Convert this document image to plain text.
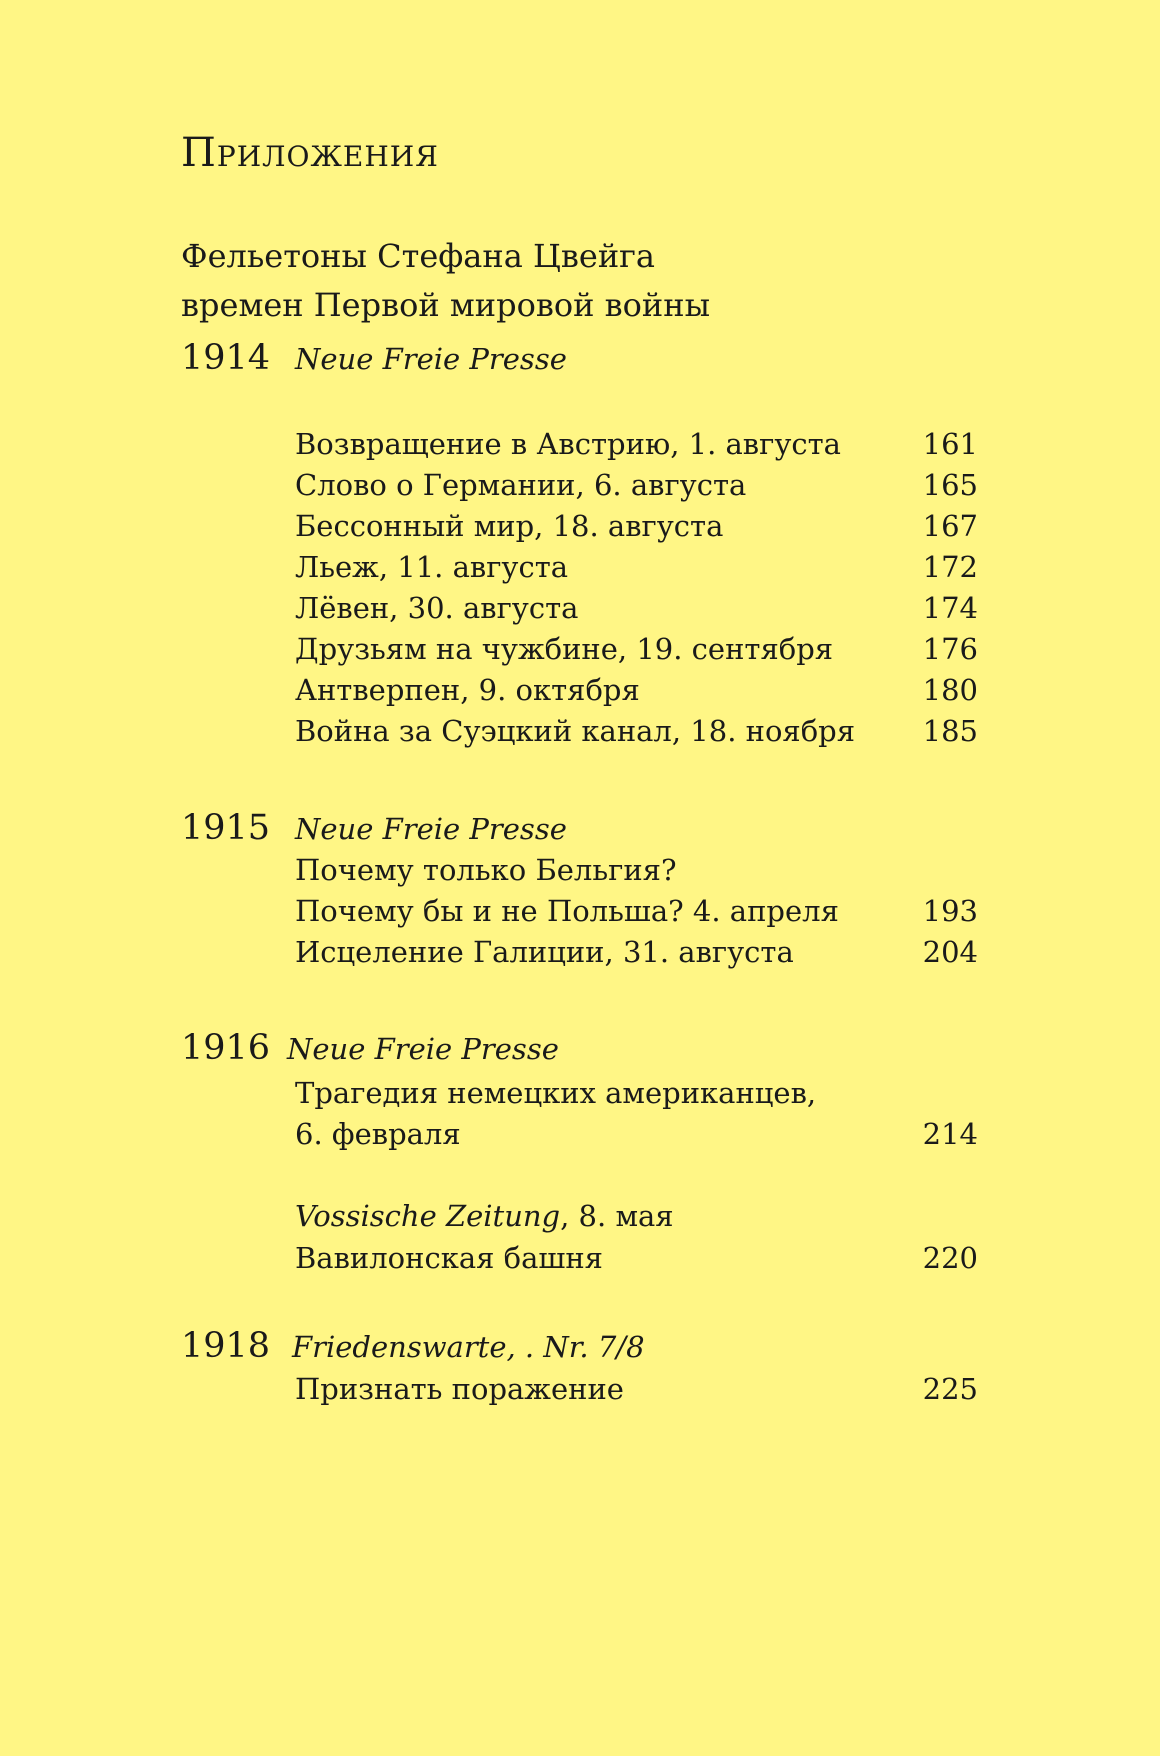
Приложения
Фельетоны Стефана Цвейга
времен Первой мировой войны
1914 Neue Freie Presse
Возвращение в Австрию, 1. августа	161
Слово о Германии, 6. августа	165
Бессонный мир, 18. августа	167
Льеж, 11. августа	172
Лёвен, 30. августа	174
Друзьям на чужбине, 19. сентября	176
Антверпен, 9. октября	180
Война за Суэцкий канал, 18. ноября 185
1915 Neue Freie Presse
Почему только Бельгия?
Почему бы и не Польша? 4. апреля	193
Исцеление Галиции, 31. августа	204
1916 Neue Freie Presse
Трагедия немецких американцев,
6. февраля	214
Vossische Zeitung, 8. мая
Вавилонская башня	220
1918 Friedenswarte, . Nr. 7/8
Признать поражение	225
